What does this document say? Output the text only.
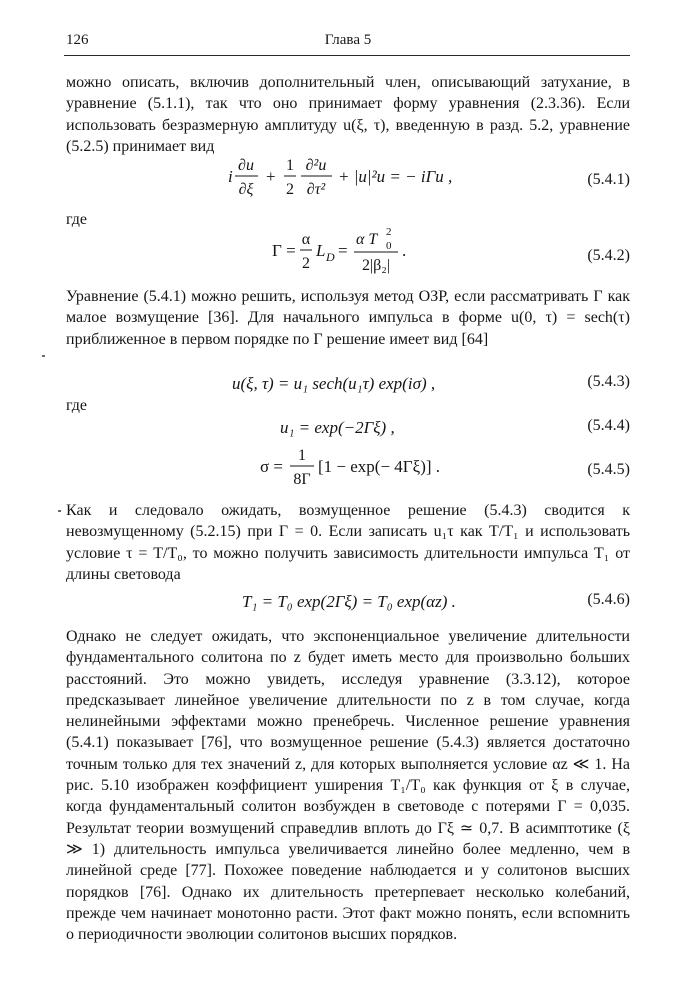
126	Глава 5

можно описать, включив дополнительный член, описывающий затухание, в уравнение (5.1.1), так что оно принимает форму уравнения (2.3.36). Если использовать безразмерную амплитуду u(ξ, τ), введенную в разд. 5.2, уравнение (5.2.5) принимает вид

i
∂u
∂ξ
+
1
2
∂²u
∂τ²
+ |u|²u = − iΓu ,	(5.4.1)
где
Γ =
α
2
L D =
α T 2
0
2|β₂|
.	(5.4.2)

Уравнение (5.4.1) можно решить, используя метод ОЗР, если рассматривать Γ как малое возмущение [36]. Для начального импульса в форме u(0, τ) = sech(τ) приближенное в первом порядке по Γ решение имеет вид [64]

u(ξ, τ) = u₁ sech(u₁τ) exp(iσ) ,	(5.4.3)
где
u₁ = exp(−2Γξ) ,	(5.4.4)
σ =
1
8Γ
[1 − exp(− 4Γξ)] .	(5.4.5)

Как и следовало ожидать, возмущенное решение (5.4.3) сводится к невозмущенному (5.2.15) при Γ = 0. Если записать u₁τ как T/T₁ и использовать условие τ = T/T₀, то можно получить зависимость длительности импульса T₁ от длины световода

T₁ = T₀ exp(2Γξ) = T₀ exp(αz) .	(5.4.6)

Однако не следует ожидать, что экспоненциальное увеличение длительности фундаментального солитона по z будет иметь место для произвольно больших расстояний. Это можно увидеть, исследуя уравнение (3.3.12), которое предсказывает линейное увеличение длительности по z в том случае, когда нелинейными эффектами можно пренебречь. Численное решение уравнения (5.4.1) показывает [76], что возмущенное решение (5.4.3) является достаточно точным только для тех значений z, для которых выполняется условие αz ≪ 1. На рис. 5.10 изображен коэффициент уширения T₁/T₀ как функция от ξ в случае, когда фундаментальный солитон возбужден в световоде с потерями Γ = 0,035. Результат теории возмущений справедлив вплоть до Γξ ≃ 0,7. В асимптотике (ξ ≫ 1) длительность импульса увеличивается линейно более медленно, чем в линейной среде [77]. Похожее поведение наблюдается и у солитонов высших порядков [76]. Однако их длительность претерпевает несколько колебаний, прежде чем начинает монотонно расти. Этот факт можно понять, если вспомнить о периодичности эволюции солитонов высших порядков.
